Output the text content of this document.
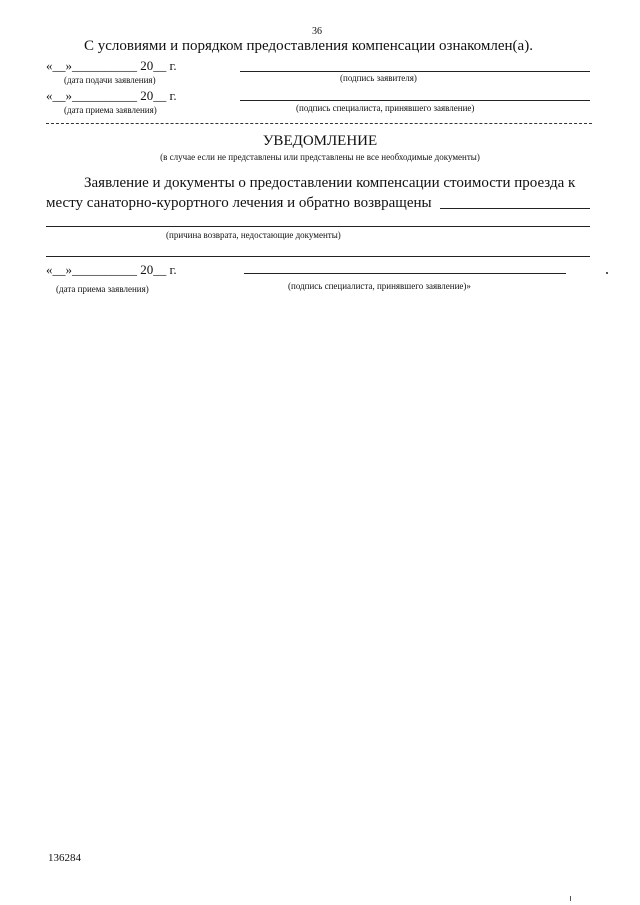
36
С условиями и порядком предоставления компенсации ознакомлен(а).
«__»__________ 20__ г.
(дата подачи заявления)	(подпись заявителя)
«__»__________ 20__ г.
(дата приема заявления)	(подпись специалиста, принявшего заявление)
УВЕДОМЛЕНИЕ
(в случае если не представлены или представлены не все необходимые документы)
Заявление и документы о предоставлении компенсации стоимости проезда к
месту санаторно-курортного лечения и обратно возвращены
(причина возврата, недостающие документы)
«__»__________ 20__ г.
(дата приема заявления)	(подпись специалиста, принявшего заявление)»
136284
